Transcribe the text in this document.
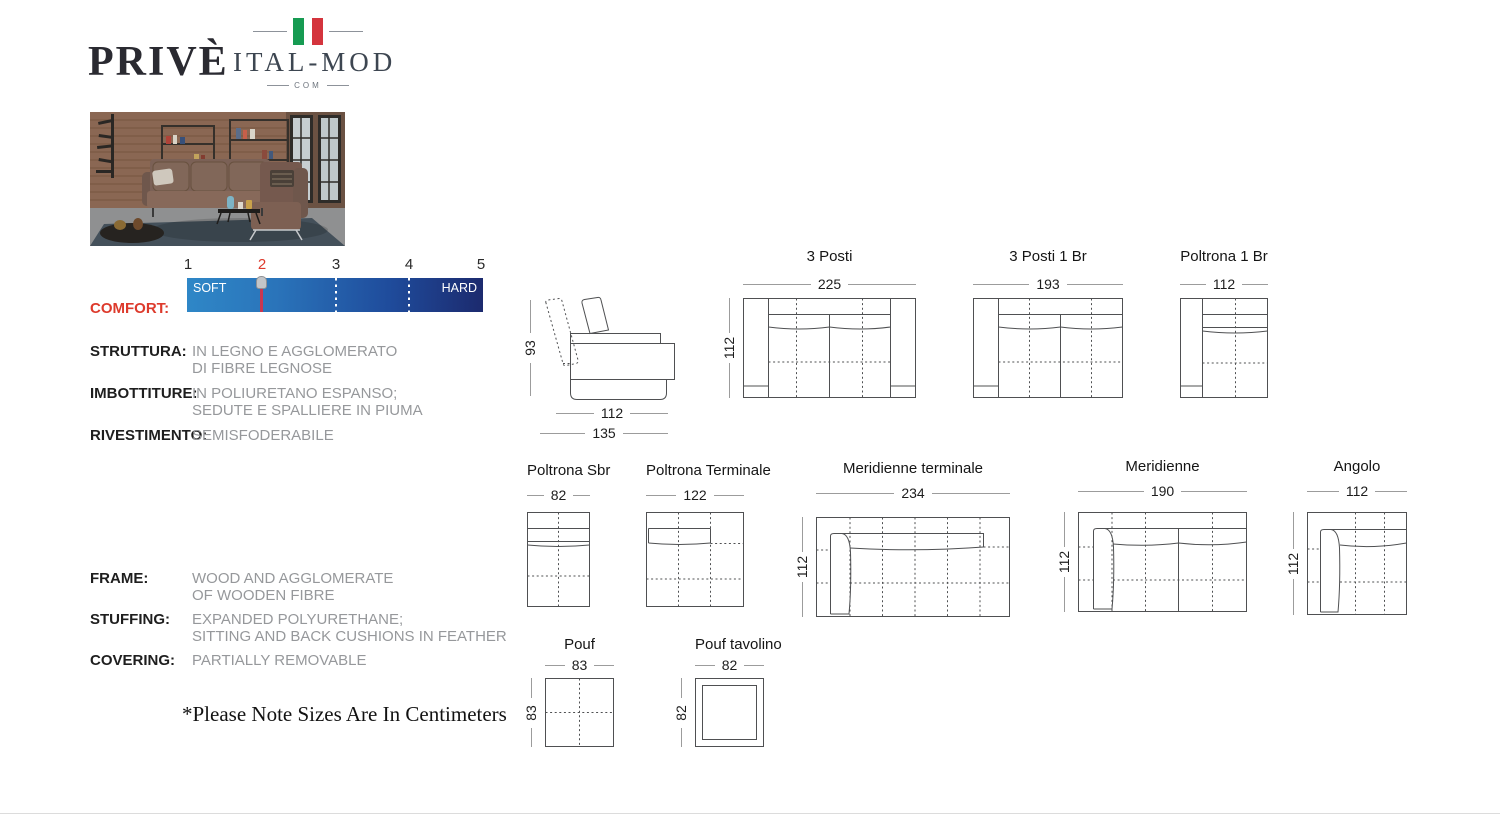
PRIVÈ ITAL-MOD
COM
COMFORT:
1	2	3	4	5
SOFT	HARD
STRUTTURA: IN LEGNO E AGGLOMERATO
DI FIBRE LEGNOSE
IMBOTTITURE:
IN POLIURETANO ESPANSO;
SEDUTE E SPALLIERE IN PIUMA
RIVESTIMENTO:
SEMISFODERABILE
FRAME:	WOOD AND AGGLOMERATE
OF WOODEN FIBRE
STUFFING:	EXPANDED POLYURETHANE;
SITTING AND BACK CUSHIONS IN FEATHER
COVERING:	PARTIALLY REMOVABLE
*Please Note Sizes Are In Centimeters
93
112
135
3 Posti
225
112
3 Posti 1 Br
193
Poltrona 1 Br
112
Poltrona Sbr
82
Poltrona Terminale
122
Meridienne terminale
234
112
Meridienne
190
112
Angolo
112
112
Pouf
83
83
Pouf tavolino
82
82
